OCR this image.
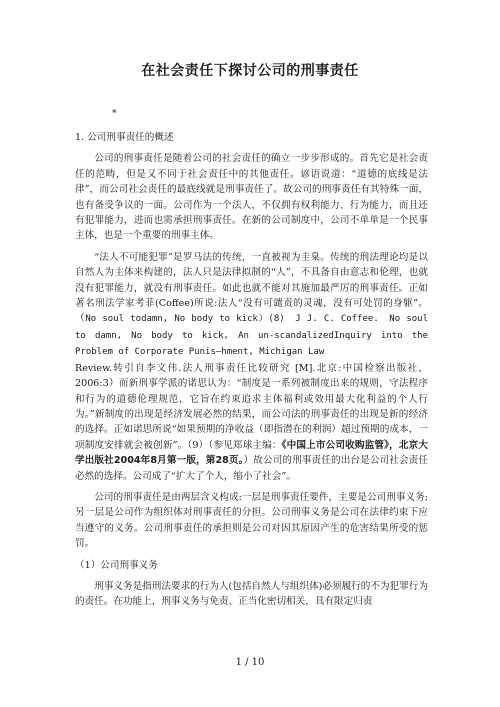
在社会责任下探讨公司的刑事责任
*

1. 公司刑事责任的概述

公司的刑事责任是随着公司的社会责任的确立一步步形成的。首先它是社会责任的范畴，但是又不同于社会责任中的其他责任。谚语说道：“道德的底线是法律”，而公司社会责任的最底线就是刑事责任了。故公司的刑事责任有其特殊一面，也有备受争议的一面。公司作为一个法人，不仅拥有权利能力、行为能力，而且还有犯罪能力，进而也需承担刑事责任。在新的公司制度中，公司不单单是一个民事主体，也是一个重要的刑事主体。

“法人不可能犯罪”是罗马法的传统，一直被视为圭臬。传统的刑法理论均是以自然人为主体来构建的，法人只是法律拟制的“人”，不具备自由意志和伦理，也就没有犯罪能力，就没有刑事责任。如此也就不能对其施加最严厉的刑事责任。正如著名刑法学家考菲(Coffee)所说:法人“没有可谴责的灵魂，没有可处罚的身躯”。（No soul todamn, No body to kick）(8)　J J. C. Coffee.　No soul to damn, No body to kick, An un-scandalizedInquiry into the Problem of Corporate Punis—hment, Michigan Law
Review.转引自李文伟.法人刑事责任比较研究 [M].北京:中国检察出版社，2006:3）而新刑事学派的诺思认为：“制度是一系列被制度出来的规则，守法程序和行为的道德伦理规范，它旨在约束追求主体福利或效用最大化利益的个人行为。”新制度的出现是经济发展必然的结果，而公司法的刑事责任的出现是新的经济的选择。正如诺思所说“如果预期的净收益（即指潜在的利润）超过预期的成本，一项制度安排就会被创新”。（9）（参见郑球主编：《中国上市公司收购监管》，北京大学出版社2004年8月第一版，第28页。）故公司的刑事责任的出台是公司社会责任必然的选择。公司成了“扩大了个人，缩小了社会”。

公司的刑事责任是由两层含义构成:一层是刑事责任要件，主要是公司刑事义务;另一层是公司作为组织体对刑事责任的分担。公司刑事义务是公司在法律约束下应当遵守的义务。公司刑事责任的承担则是公司对因其原因产生的危害结果所受的惩罚。

（1）公司刑事义务

刑事义务是指刑法要求的行为人(包括自然人与组织体)必须履行的不为犯罪行为的责任。在功能上，刑事义务与免责、正当化密切相关，具有限定归责

1 / 10
